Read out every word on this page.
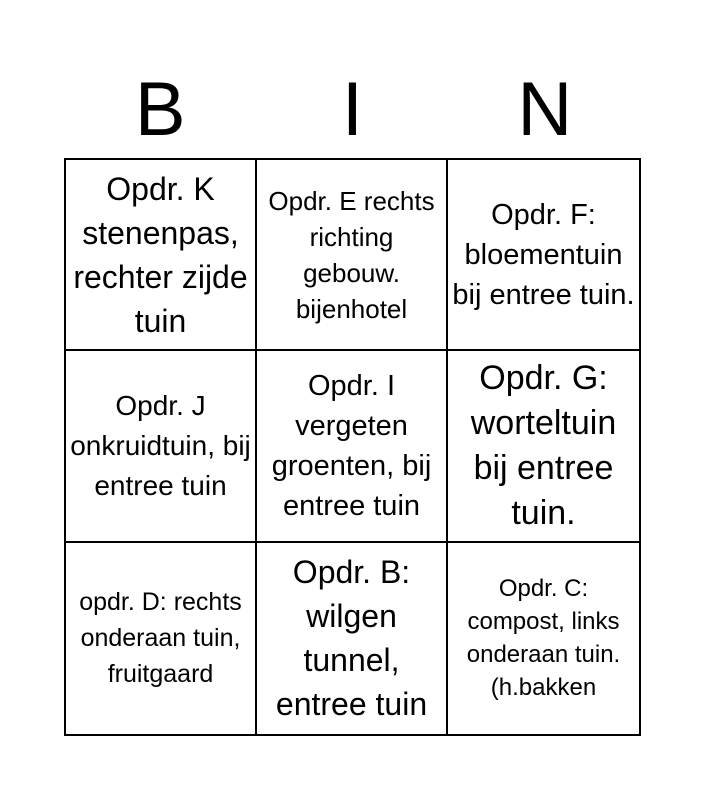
B	I	N
Opdr. K stenenpas, rechter zijde tuin
Opdr. E rechts richting gebouw. bijenhotel
Opdr. F: bloementuin bij entree tuin.
Opdr. J onkruidtuin, bij entree tuin
Opdr. I vergeten groenten, bij entree tuin
Opdr. G: worteltuin bij entree tuin.
opdr. D: rechts onderaan tuin, fruitgaard
Opdr. B: wilgen tunnel, entree tuin
Opdr. C: compost, links onderaan tuin. (h.bakken
